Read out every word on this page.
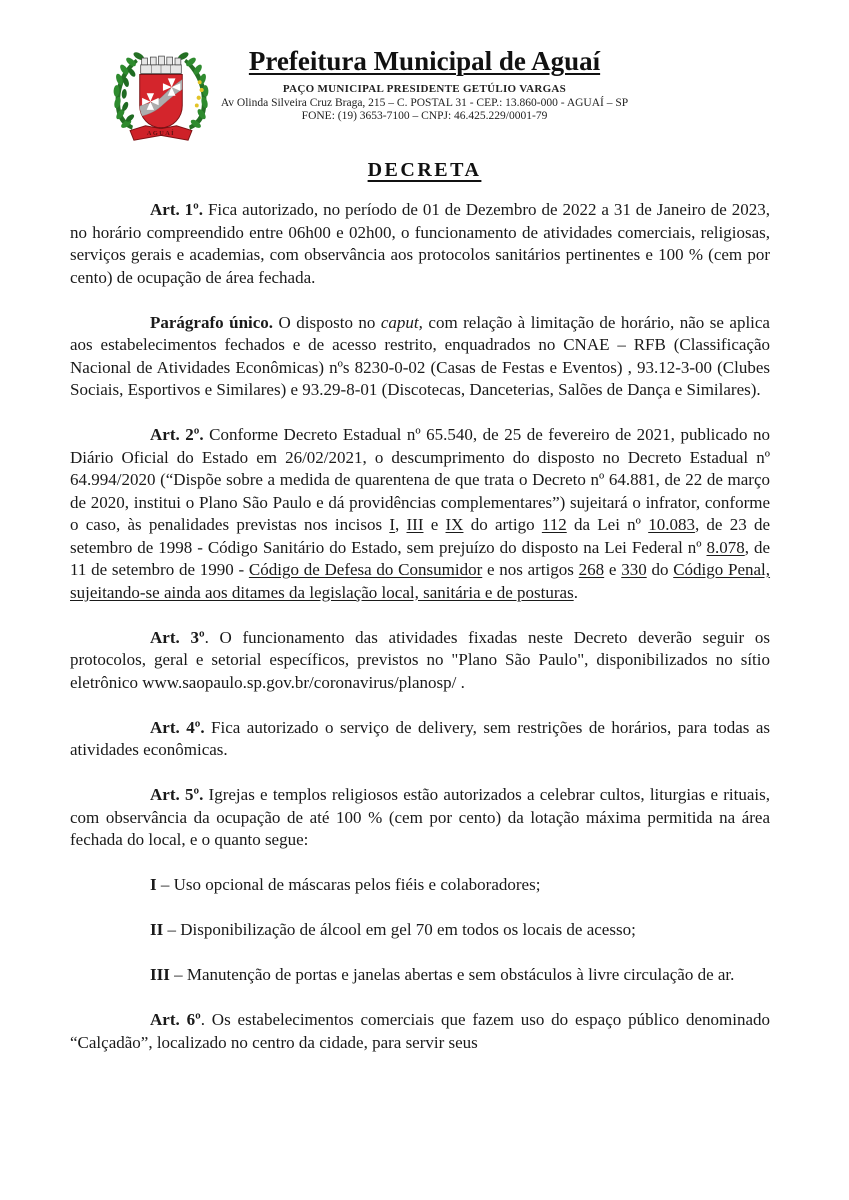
AGUAÍ
Prefeitura Municipal de Aguaí
PAÇO MUNICIPAL PRESIDENTE GETÚLIO VARGAS
Av Olinda Silveira Cruz Braga, 215 – C. POSTAL 31 - CEP.: 13.860-000 - AGUAÍ – SP
FONE: (19) 3653-7100 – CNPJ: 46.425.229/0001-79
DECRETA

Art. 1º. Fica autorizado, no período de 01 de Dezembro de 2022 a 31 de Janeiro de 2023, no horário compreendido entre 06h00 e 02h00, o funcionamento de atividades comerciais, religiosas, serviços gerais e academias, com observância aos protocolos sanitários pertinentes e 100 % (cem por cento) de ocupação de área fechada.

Parágrafo único. O disposto no caput, com relação à limitação de horário, não se aplica aos estabelecimentos fechados e de acesso restrito, enquadrados no CNAE – RFB (Classificação Nacional de Atividades Econômicas) nºs 8230-0-02 (Casas de Festas e Eventos) , 93.12-3-00 (Clubes Sociais, Esportivos e Similares) e 93.29-8-01 (Discotecas, Danceterias, Salões de Dança e Similares).

Art. 2º. Conforme Decreto Estadual nº 65.540, de 25 de fevereiro de 2021, publicado no Diário Oficial do Estado em 26/02/2021, o descumprimento do disposto no Decreto Estadual nº 64.994/2020 (“Dispõe sobre a medida de quarentena de que trata o Decreto nº 64.881, de 22 de março de 2020, institui o Plano São Paulo e dá providências complementares”) sujeitará o infrator, conforme o caso, às penalidades previstas nos incisos I, III e IX do artigo 112 da Lei nº 10.083, de 23 de setembro de 1998 - Código Sanitário do Estado, sem prejuízo do disposto na Lei Federal nº 8.078, de 11 de setembro de 1990 - Código de Defesa do Consumidor e nos artigos 268 e 330 do Código Penal, sujeitando-se ainda aos ditames da legislação local, sanitária e de posturas.

Art. 3º. O funcionamento das atividades fixadas neste Decreto deverão seguir os protocolos, geral e setorial específicos, previstos no "Plano São Paulo", disponibilizados no sítio eletrônico www.saopaulo.sp.gov.br/coronavirus/planosp/ .

Art. 4º. Fica autorizado o serviço de delivery, sem restrições de horários, para todas as atividades econômicas.

Art. 5º. Igrejas e templos religiosos estão autorizados a celebrar cultos, liturgias e rituais, com observância da ocupação de até 100 % (cem por cento) da lotação máxima permitida na área fechada do local, e o quanto segue:

I – Uso opcional de máscaras pelos fiéis e colaboradores;

II – Disponibilização de álcool em gel 70 em todos os locais de acesso;

III – Manutenção de portas e janelas abertas e sem obstáculos à livre circulação de ar.

Art. 6º. Os estabelecimentos comerciais que fazem uso do espaço público denominado “Calçadão”, localizado no centro da cidade, para servir seus
